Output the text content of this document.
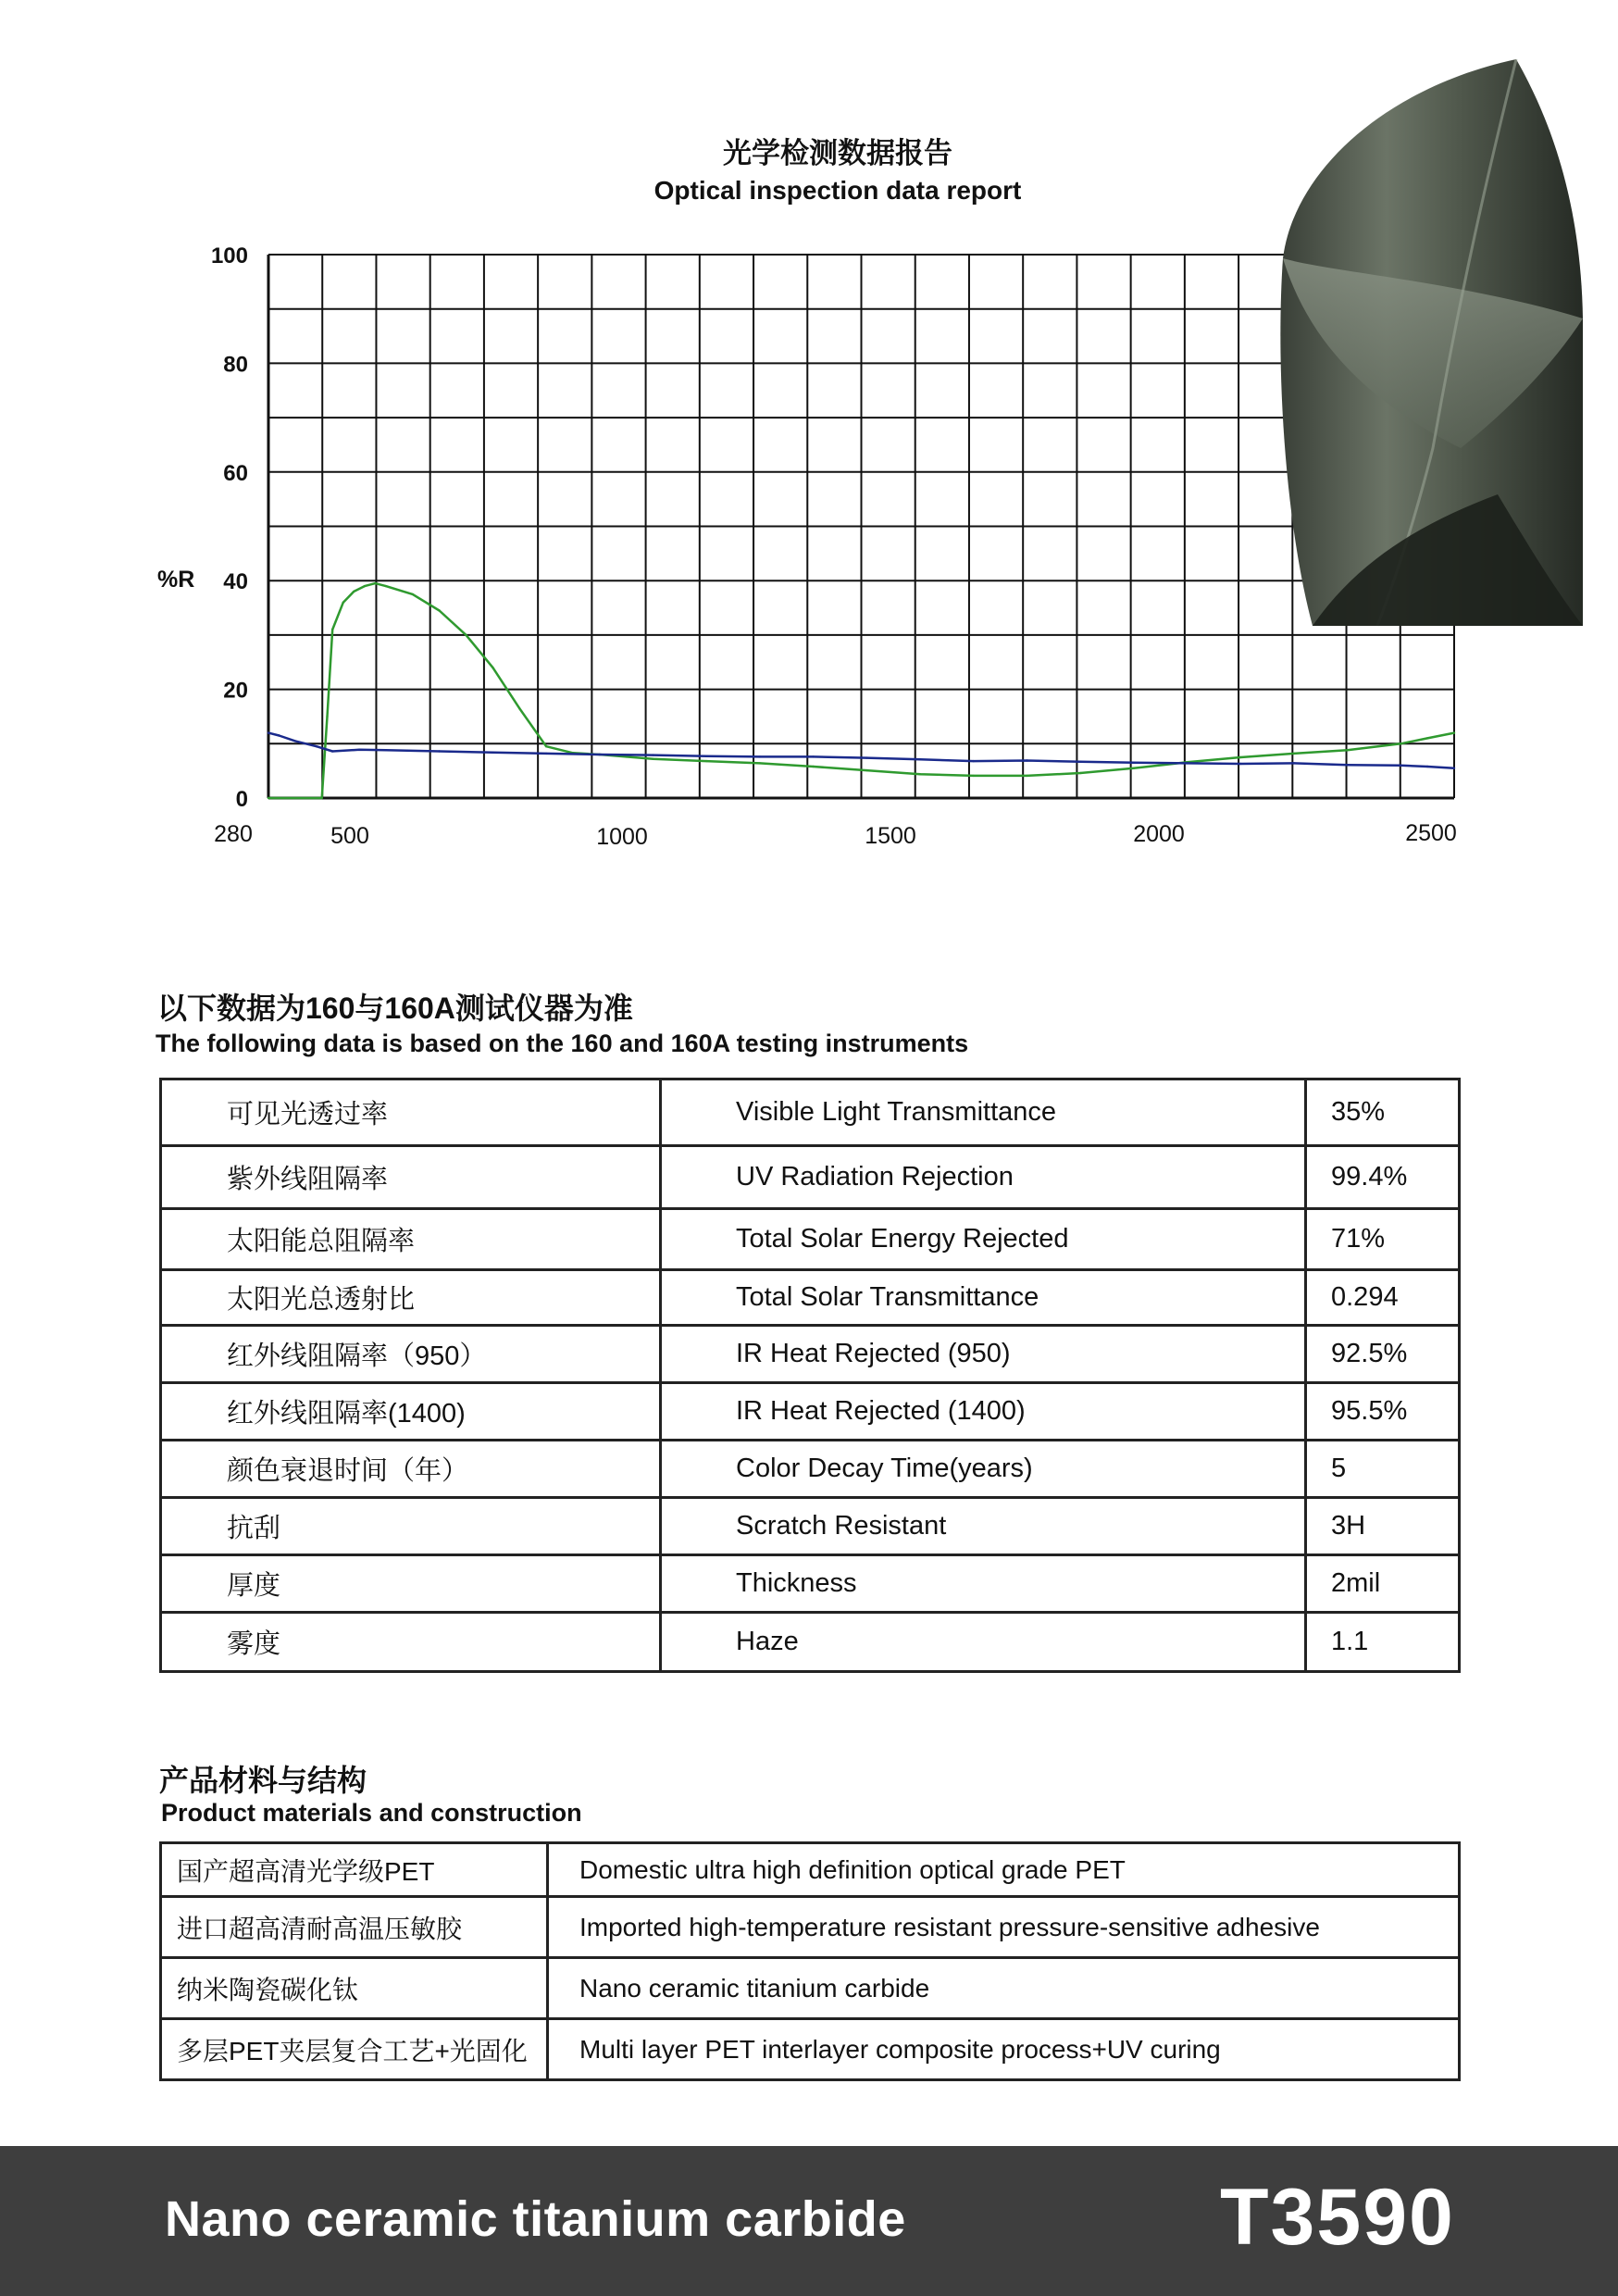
光学检测数据报告
Optical inspection data report
0
20
40
60
80
100
280	500	1000	1500	2000	2500
%R
以下数据为160与160A测试仪器为准
The following data is based on the 160 and 160A testing instruments
可见光透过率	Visible Light Transmittance	35%
紫外线阻隔率	UV Radiation Rejection	99.4%
太阳能总阻隔率	Total Solar Energy Rejected	71%
太阳光总透射比	Total Solar Transmittance	0.294
红外线阻隔率（950）	IR Heat Rejected (950)	92.5%
红外线阻隔率(1400)	IR Heat Rejected (1400)	95.5%
颜色衰退时间（年）	Color Decay Time(years)	5
抗刮	Scratch Resistant	3H
厚度	Thickness	2mil
雾度	Haze	1.1
产品材料与结构
Product materials and construction
国产超高清光学级PET	Domestic ultra high definition optical grade PET
进口超高清耐高温压敏胶	Imported high-temperature resistant pressure-sensitive adhesive
纳米陶瓷碳化钛	Nano ceramic titanium carbide
多层PET夹层复合工艺+光固化	Multi layer PET interlayer composite process+UV curing
Nano ceramic titanium carbide	T3590
